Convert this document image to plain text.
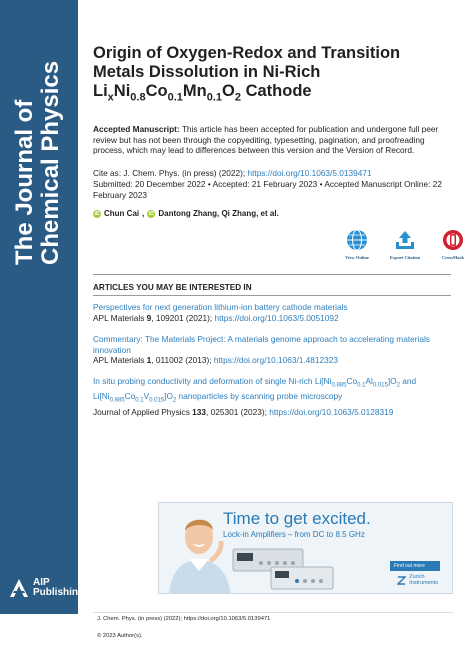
The Journal of Chemical Physics
AIP
Publishing
Origin of Oxygen-Redox and Transition
Metals Dissolution in Ni-Rich
$Li_xNi_{0.8}Co_{0.1}Mn_{0.1}O_2$ Cathode
Accepted Manuscript: This article has been accepted for publication and undergone full peer review but has not been through the copyediting, typesetting, pagination, and proofreading process, which may lead to differences between this version and the Version of Record.
Cite as: J. Chem. Phys. (in press) (2022); https://doi.org/10.1063/5.0139471
Submitted: 20 December 2022 • Accepted: 21 February 2023 • Accepted Manuscript Online: 22 February 2023
iD Chun Cai , iD Dantong Zhang, Qi Zhang, et al.
View Online	Export Citation	CrossMark
ARTICLES YOU MAY BE INTERESTED IN
Perspectives for next generation lithium-ion battery cathode materials
APL Materials 9, 109201 (2021); https://doi.org/10.1063/5.0051092
Commentary: The Materials Project: A materials genome approach to accelerating materials innovation
APL Materials 1, 011002 (2013); https://doi.org/10.1063/1.4812323
In situ probing conductivity and deformation of single Ni-rich $Li[Ni_{0.885}Co_{0.1}Al_{0.015}]O_2$ and $Li[Ni_{0.885}Co_{0.1}V_{0.015}]O_2$ nanoparticles by scanning probe microscopy
Journal of Applied Physics 133, 025301 (2023); https://doi.org/10.1063/5.0128319
Time to get excited.
Lock-in Amplifiers – from DC to 8.5 GHz
Find out more
Zurich
Instruments
J. Chem. Phys. (in press) (2022); https://doi.org/10.1063/5.0139471
© 2023 Author(s).
